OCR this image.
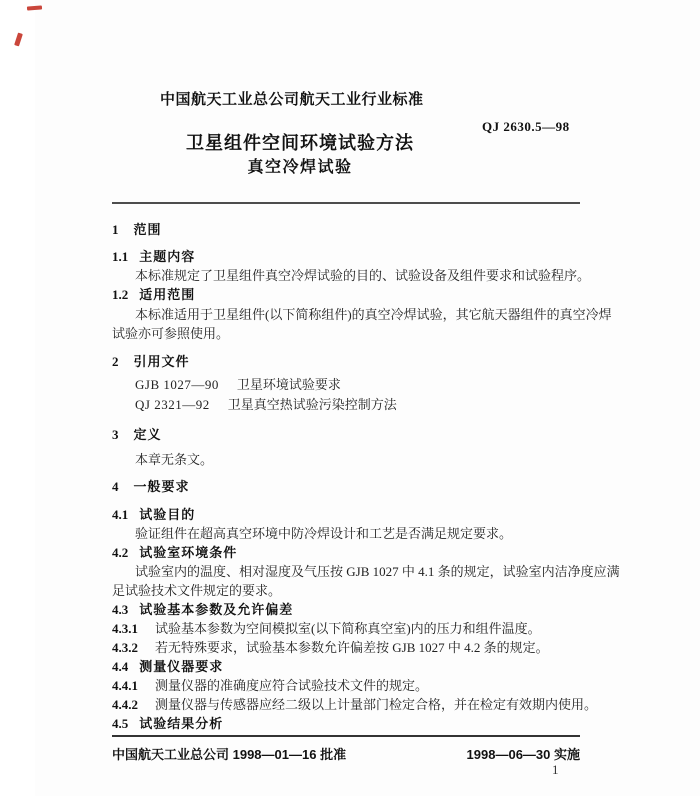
中国航天工业总公司航天工业行业标准
QJ 2630.5—98
卫星组件空间环境试验方法
真空冷焊试验
1 范围
1.1 主题内容
本标准规定了卫星组件真空冷焊试验的目的、试验设备及组件要求和试验程序。
1.2 适用范围
本标准适用于卫星组件(以下简称组件)的真空冷焊试验，其它航天器组件的真空冷焊
试验亦可参照使用。
2 引用文件
GJB 1027—90 卫星环境试验要求
QJ 2321—92 卫星真空热试验污染控制方法
3 定义
本章无条文。
4 一般要求
4.1 试验目的
验证组件在超高真空环境中防冷焊设计和工艺是否满足规定要求。
4.2 试验室环境条件
试验室内的温度、相对湿度及气压按 GJB 1027 中 4.1 条的规定，试验室内洁净度应满
足试验技术文件规定的要求。
4.3 试验基本参数及允许偏差
4.3.1 试验基本参数为空间模拟室(以下简称真空室)内的压力和组件温度。
4.3.2 若无特殊要求，试验基本参数允许偏差按 GJB 1027 中 4.2 条的规定。
4.4 测量仪器要求
4.4.1 测量仪器的准确度应符合试验技术文件的规定。
4.4.2 测量仪器与传感器应经二级以上计量部门检定合格，并在检定有效期内使用。
4.5 试验结果分析
中国航天工业总公司 1998—01—16 批准	1998—06—30 实施
1
